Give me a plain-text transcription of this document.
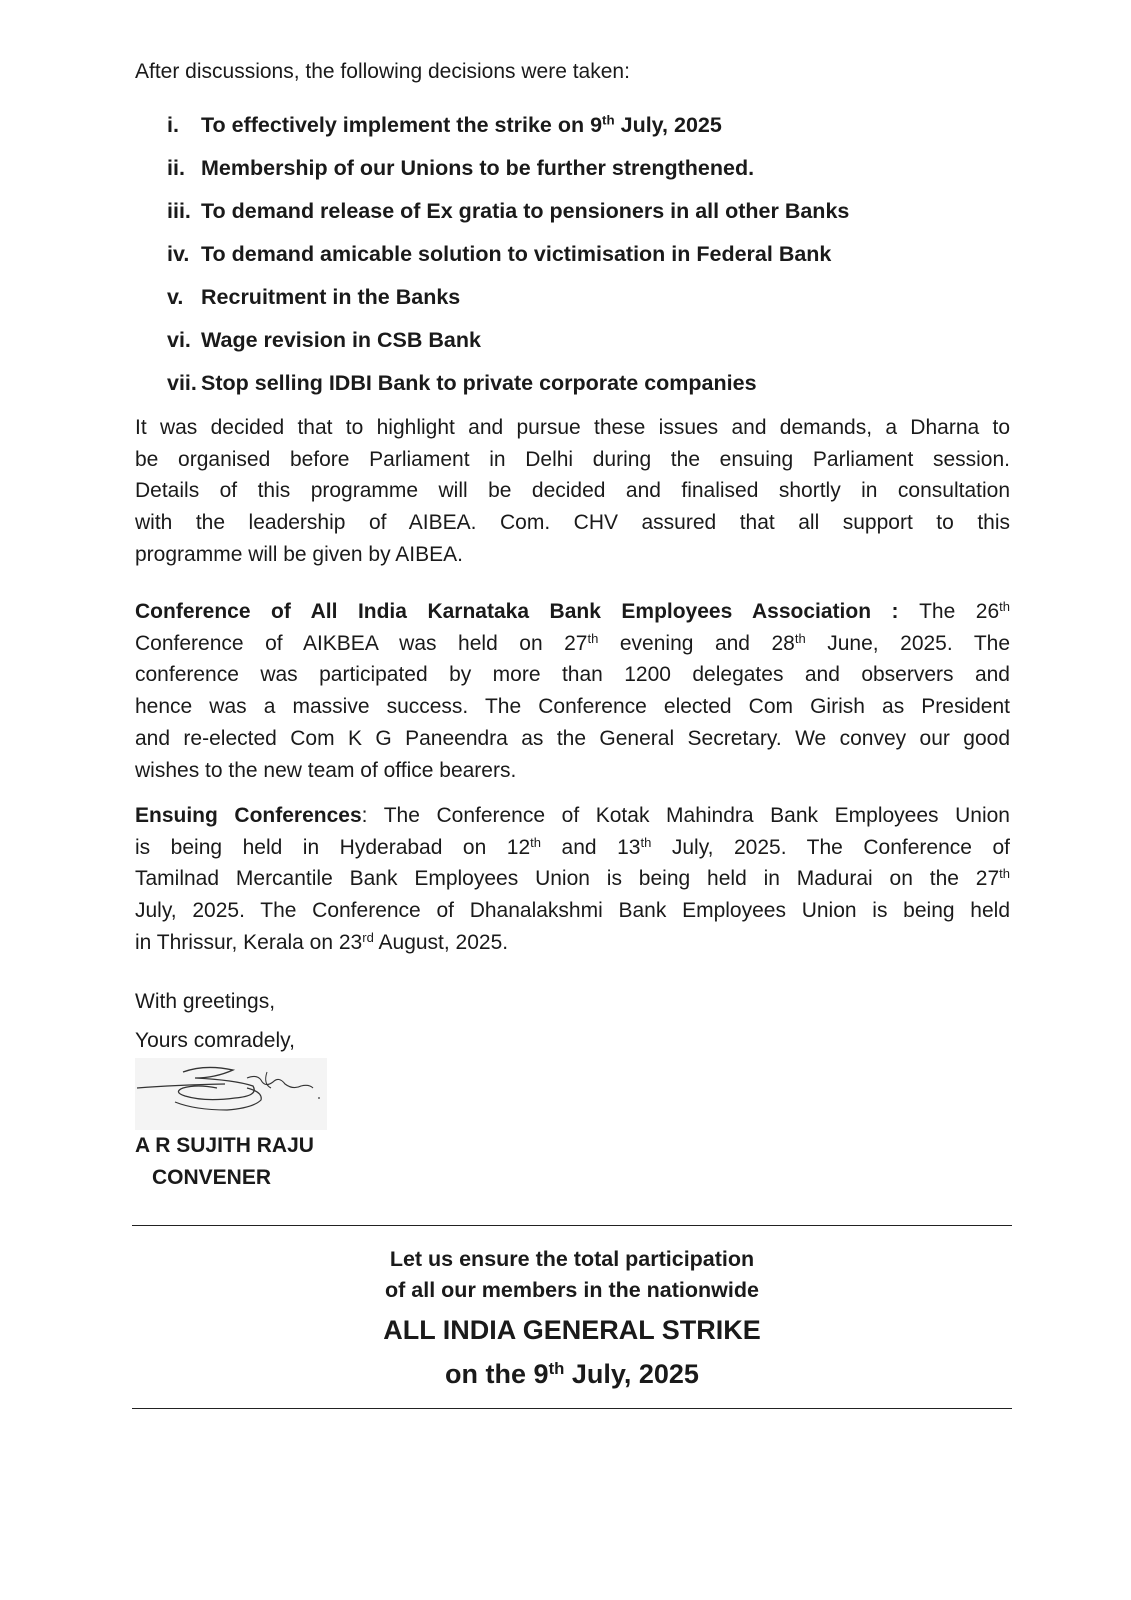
After discussions, the following decisions were taken:

i. To effectively implement the strike on 9th July, 2025
ii. Membership of our Unions to be further strengthened.
iii. To demand release of Ex gratia to pensioners in all other Banks
iv. To demand amicable solution to victimisation in Federal Bank
v. Recruitment in the Banks
vi. Wage revision in CSB Bank
vii. Stop selling IDBI Bank to private corporate companies
It was decided that to highlight and pursue these issues and demands, a Dharna to
be organised before Parliament in Delhi during the ensuing Parliament session.
Details of this programme will be decided and finalised shortly in consultation
with the leadership of AIBEA. Com. CHV assured that all support to this
programme will be given by AIBEA.
Conference of All India Karnataka Bank Employees Association : The 26th
Conference of AIKBEA was held on 27th evening and 28th June, 2025. The
conference was participated by more than 1200 delegates and observers and
hence was a massive success. The Conference elected Com Girish as President
and re-elected Com K G Paneendra as the General Secretary. We convey our good
wishes to the new team of office bearers.
Ensuing Conferences: The Conference of Kotak Mahindra Bank Employees Union
is being held in Hyderabad on 12th and 13th July, 2025. The Conference of
Tamilnad Mercantile Bank Employees Union is being held in Madurai on the 27th
July, 2025. The Conference of Dhanalakshmi Bank Employees Union is being held
in Thrissur, Kerala on 23rd August, 2025.
With greetings,
Yours comradely,
A R SUJITH RAJU
CONVENER
Let us ensure the total participation
of all our members in the nationwide
ALL INDIA GENERAL STRIKE
on the 9th July, 2025
